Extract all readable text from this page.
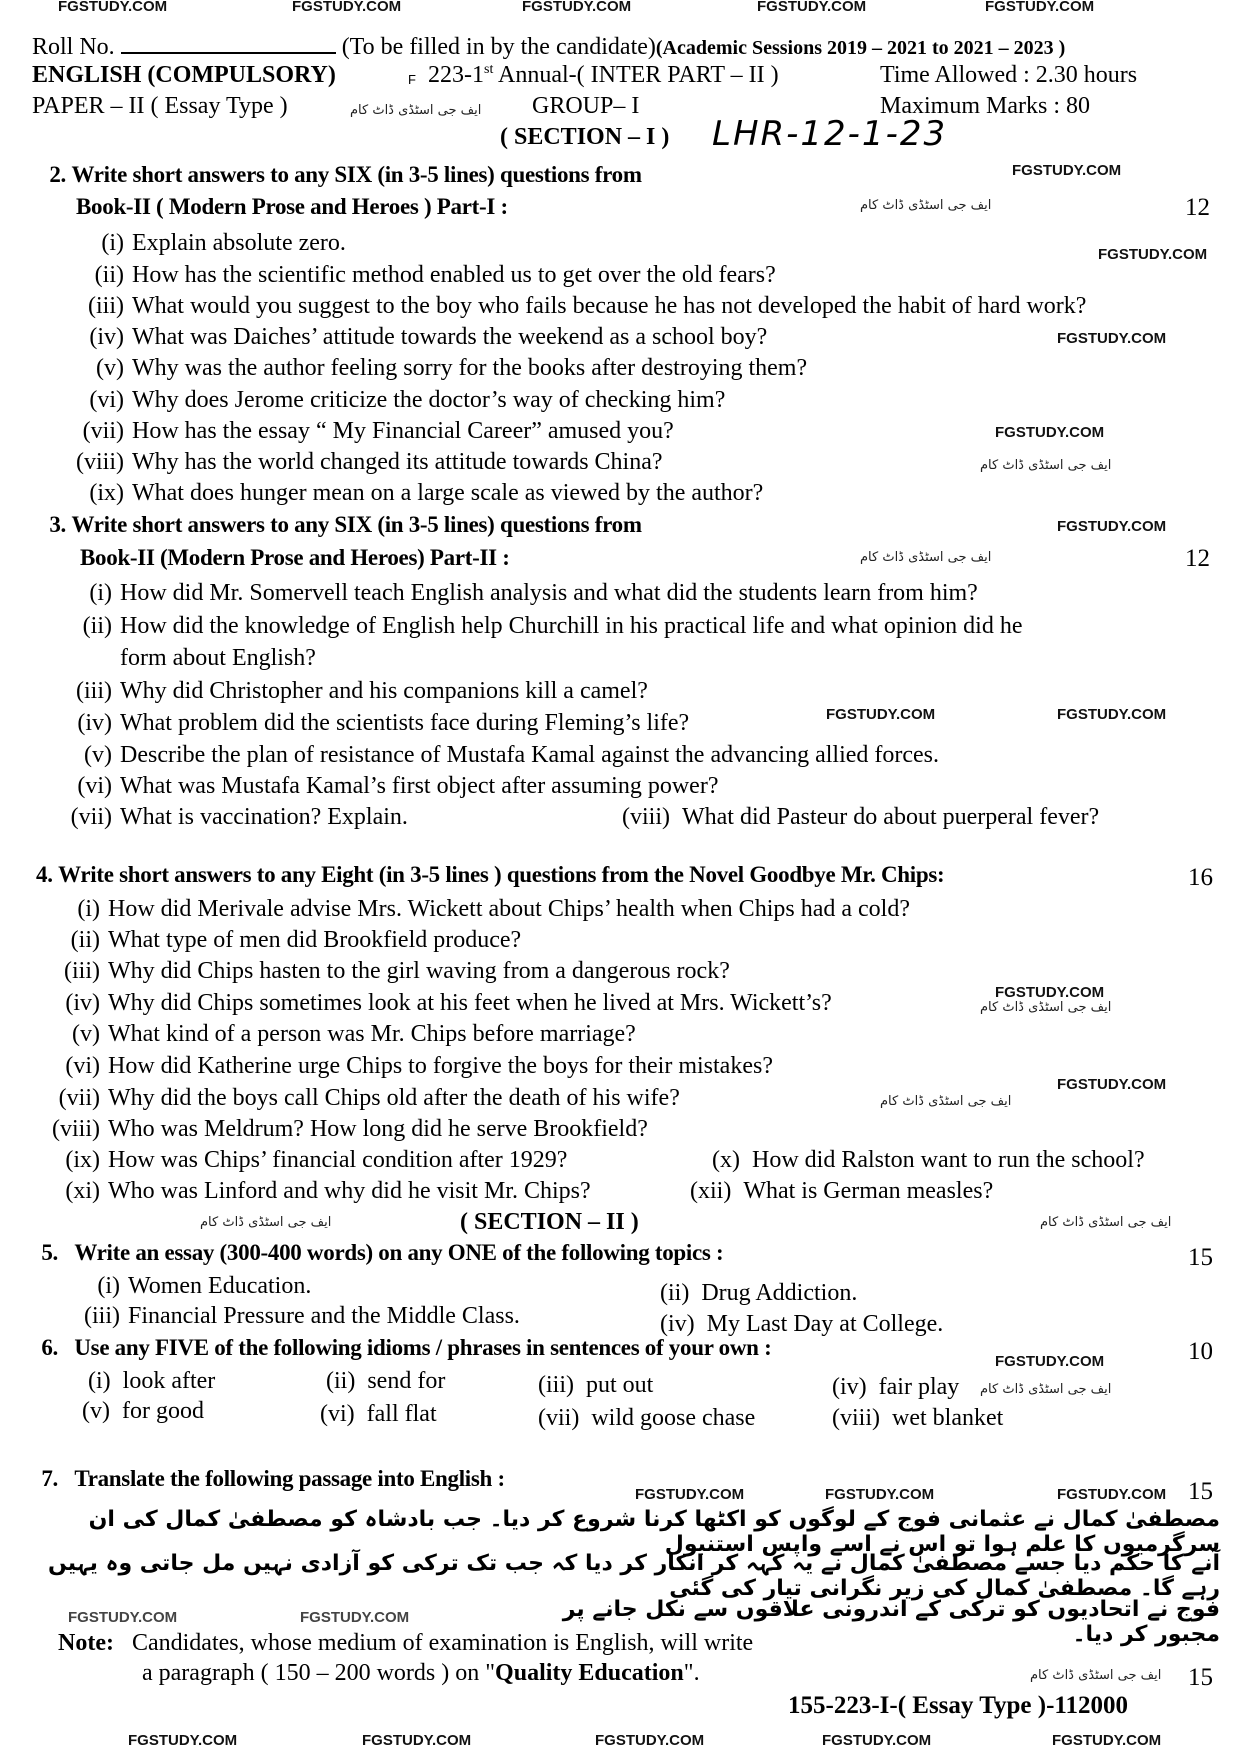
FGSTUDY.COM	FGSTUDY.COM	FGSTUDY.COM	FGSTUDY.COM	FGSTUDY.COM
Roll No.	(To be filled in by the candidate)(Academic Sessions 2019 – 2021 to 2021 – 2023 )
ENGLISH (COMPULSORY)	F 223-1st Annual-( INTER PART – II )	Time Allowed : 2.30 hours
PAPER – II ( Essay Type )	ایف جی اسٹڈی ڈاٹ کام GROUP– I	Maximum Marks : 80
( SECTION – I ) LHR-12-1-23
2. Write short answers to any SIX (in 3-5 lines) questions from	FGSTUDY.COM
Book-II ( Modern Prose and Heroes ) Part-I :	ایف جی اسٹڈی ڈاٹ کام	12
(i) Explain absolute zero.	FGSTUDY.COM
(ii) How has the scientific method enabled us to get over the old fears?
(iii) What would you suggest to the boy who fails because he has not developed the habit of hard work?
(iv) What was Daiches’ attitude towards the weekend as a school boy?	FGSTUDY.COM
(v) Why was the author feeling sorry for the books after destroying them?
(vi) Why does Jerome criticize the doctor’s way of checking him?
(vii) How has the essay “ My Financial Career” amused you?	FGSTUDY.COM
(viii) Why has the world changed its attitude towards China?	ایف جی اسٹڈی ڈاٹ کام
(ix) What does hunger mean on a large scale as viewed by the author?
3. Write short answers to any SIX (in 3-5 lines) questions from	FGSTUDY.COM
Book-II (Modern Prose and Heroes) Part-II :	ایف جی اسٹڈی ڈاٹ کام	12
(i) How did Mr. Somervell teach English analysis and what did the students learn from him?
(ii) How did the knowledge of English help Churchill in his practical life and what opinion did he
form about English?
(iii) Why did Christopher and his companions kill a camel?
FGSTUDY.COM	FGSTUDY.COM
(iv) What problem did the scientists face during Fleming’s life?
(v) Describe the plan of resistance of Mustafa Kamal against the advancing allied forces.
(vi) What was Mustafa Kamal’s first object after assuming power?
(vii) What is vaccination? Explain.	(viii) What did Pasteur do about puerperal fever?
4. Write short answers to any Eight (in 3-5 lines ) questions from the Novel Goodbye Mr. Chips:	16
(i) How did Merivale advise Mrs. Wickett about Chips’ health when Chips had a cold?
(ii) What type of men did Brookfield produce?
(iii) Why did Chips hasten to the girl waving from a dangerous rock?
FGSTUDY.COM
(iv) Why did Chips sometimes look at his feet when he lived at Mrs. Wickett’s?	ایف جی اسٹڈی ڈاٹ کام
(v) What kind of a person was Mr. Chips before marriage?
(vi) How did Katherine urge Chips to forgive the boys for their mistakes?
FGSTUDY.COM
(vii) Why did the boys call Chips old after the death of his wife?	ایف جی اسٹڈی ڈاٹ کام
(viii) Who was Meldrum? How long did he serve Brookfield?
(ix) How was Chips’ financial condition after 1929?	(x) How did Ralston want to run the school?
(xi) Who was Linford and why did he visit Mr. Chips?	(xii) What is German measles?
ایف جی اسٹڈی ڈاٹ کام	( SECTION – II )	ایف جی اسٹڈی ڈاٹ کام
5. Write an essay (300-400 words) on any ONE of the following topics :	15
(i) Women Education.	(ii) Drug Addiction.
(iii) Financial Pressure and the Middle Class.	(iv) My Last Day at College.
6. Use any FIVE of the following idioms / phrases in sentences of your own :
FGSTUDY.COM	10
(i) look after	(ii) send for	(iii) put out	(iv) fair play ایف جی اسٹڈی ڈاٹ کام
(v) for good	(vi) fall flat	(vii) wild goose chase	(viii) wet blanket
7. Translate the following passage into English :
FGSTUDY.COM	FGSTUDY.COM	FGSTUDY.COM 15
مصطفیٰ کمال نے عثمانی فوج کے لوگوں کو اکٹھا کرنا شروع کر دیا۔ جب بادشاہ کو مصطفیٰ کمال کی ان سرگرمیوں کا علم ہوا تو اس نے اسے واپس استنبول
آنے کا حکم دیا جسے مصطفیٰ کمال نے یہ کہہ کر انکار کر دیا کہ جب تک ترکی کو آزادی نہیں مل جاتی وہ یہیں رہے گا۔ مصطفیٰ کمال کی زیر نگرانی تیار کی گئی
FGSTUDY.COM	FGSTUDY.COM	فوج نے اتحادیوں کو ترکی کے اندرونی علاقوں سے نکل جانے پر مجبور کر دیا۔
Note: Candidates, whose medium of examination is English, will write
a paragraph ( 150 – 200 words ) on "Quality Education".	ایف جی اسٹڈی ڈاٹ کام 15
155-223-I-( Essay Type )-112000
FGSTUDY.COM	FGSTUDY.COM	FGSTUDY.COM	FGSTUDY.COM	FGSTUDY.COM
